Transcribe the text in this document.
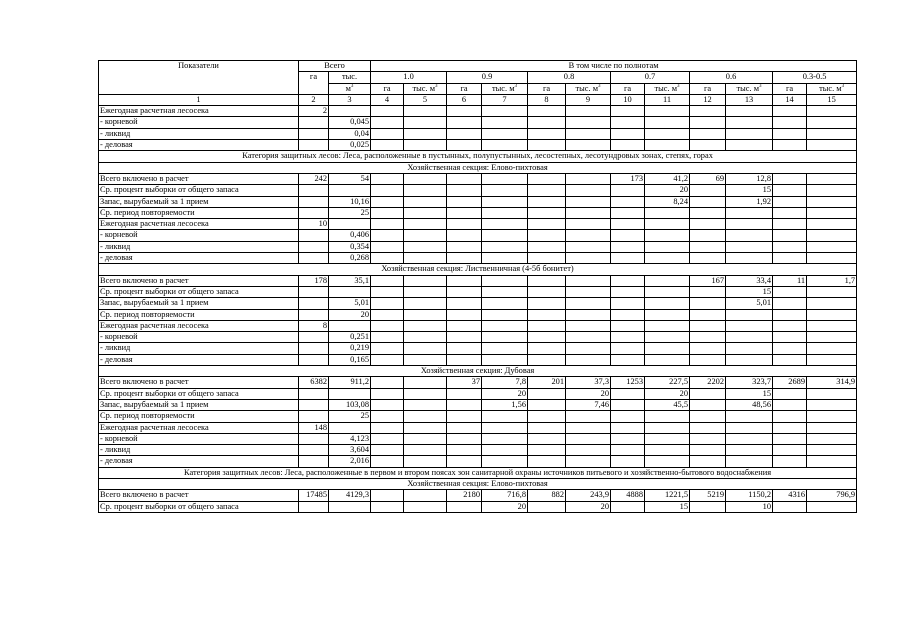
Показатели	Всего		В том числе по полнотам											
	га	тыс.	1.0		0.9		0.8		0.7		0.6		0.3-0.5	
		$м^3$	га	тыс. $м^3$	га	тыс. $м^3$	га	тыс. $м^3$	га	тыс. $м^3$	га	тыс. $м^3$	га	тыс. $м^3$
1	2	3	4	5	6	7	8	9	10	11	12	13	14	15
Ежегодная расчетная лесосека	2													
- корневой		0,045												
- ликвид		0,04												
- деловая		0,025												
Категория защитных лесов: Леса, расположенные в пустынных, полупустынных, лесостепных, лесотундровых зонах, степях, горах														
Хозяйственная секция: Елово-пихтовая														
Всего включено в расчет	242	54							173	41,2	69	12,8		
Ср. процент выборки от общего запаса										20		15		
Запас, вырубаемый за 1 прием		10,16								8,24		1,92		
Ср. период повторяемости		25												
Ежегодная расчетная лесосека	10													
- корневой		0,406												
- ликвид		0,354												
- деловая		0,268												
Хозяйственная секция: Лиственничная (4-5б бонитет)														
Всего включено в расчет	178	35,1									167	33,4	11	1,7
Ср. процент выборки от общего запаса												15		
Запас, вырубаемый за 1 прием		5,01										5,01		
Ср. период повторяемости		20												
Ежегодная расчетная лесосека	8													
- корневой		0,251												
- ликвид		0,219												
- деловая		0,165												
Хозяйственная секция: Дубовая														
Всего включено в расчет	6382	911,2			37	7,8	201	37,3	1253	227,5	2202	323,7	2689	314,9
Ср. процент выборки от общего запаса						20		20		20		15		
Запас, вырубаемый за 1 прием		103,08				1,56		7,46		45,5		48,56		
Ср. период повторяемости		25												
Ежегодная расчетная лесосека	148													
- корневой		4,123												
- ликвид		3,604												
- деловая		2,016												
Категория защитных лесов: Леса, расположенные в первом и втором поясах зон санитарной охраны источников питьевого и хозяйственно-бытового водоснабжения														
Хозяйственная секция: Елово-пихтовая														
Всего включено в расчет	17485	4129,3			2180	716,8	882	243,9	4888	1221,5	5219	1150,2	4316	796,9
Ср. процент выборки от общего запаса						20		20		15		10		
